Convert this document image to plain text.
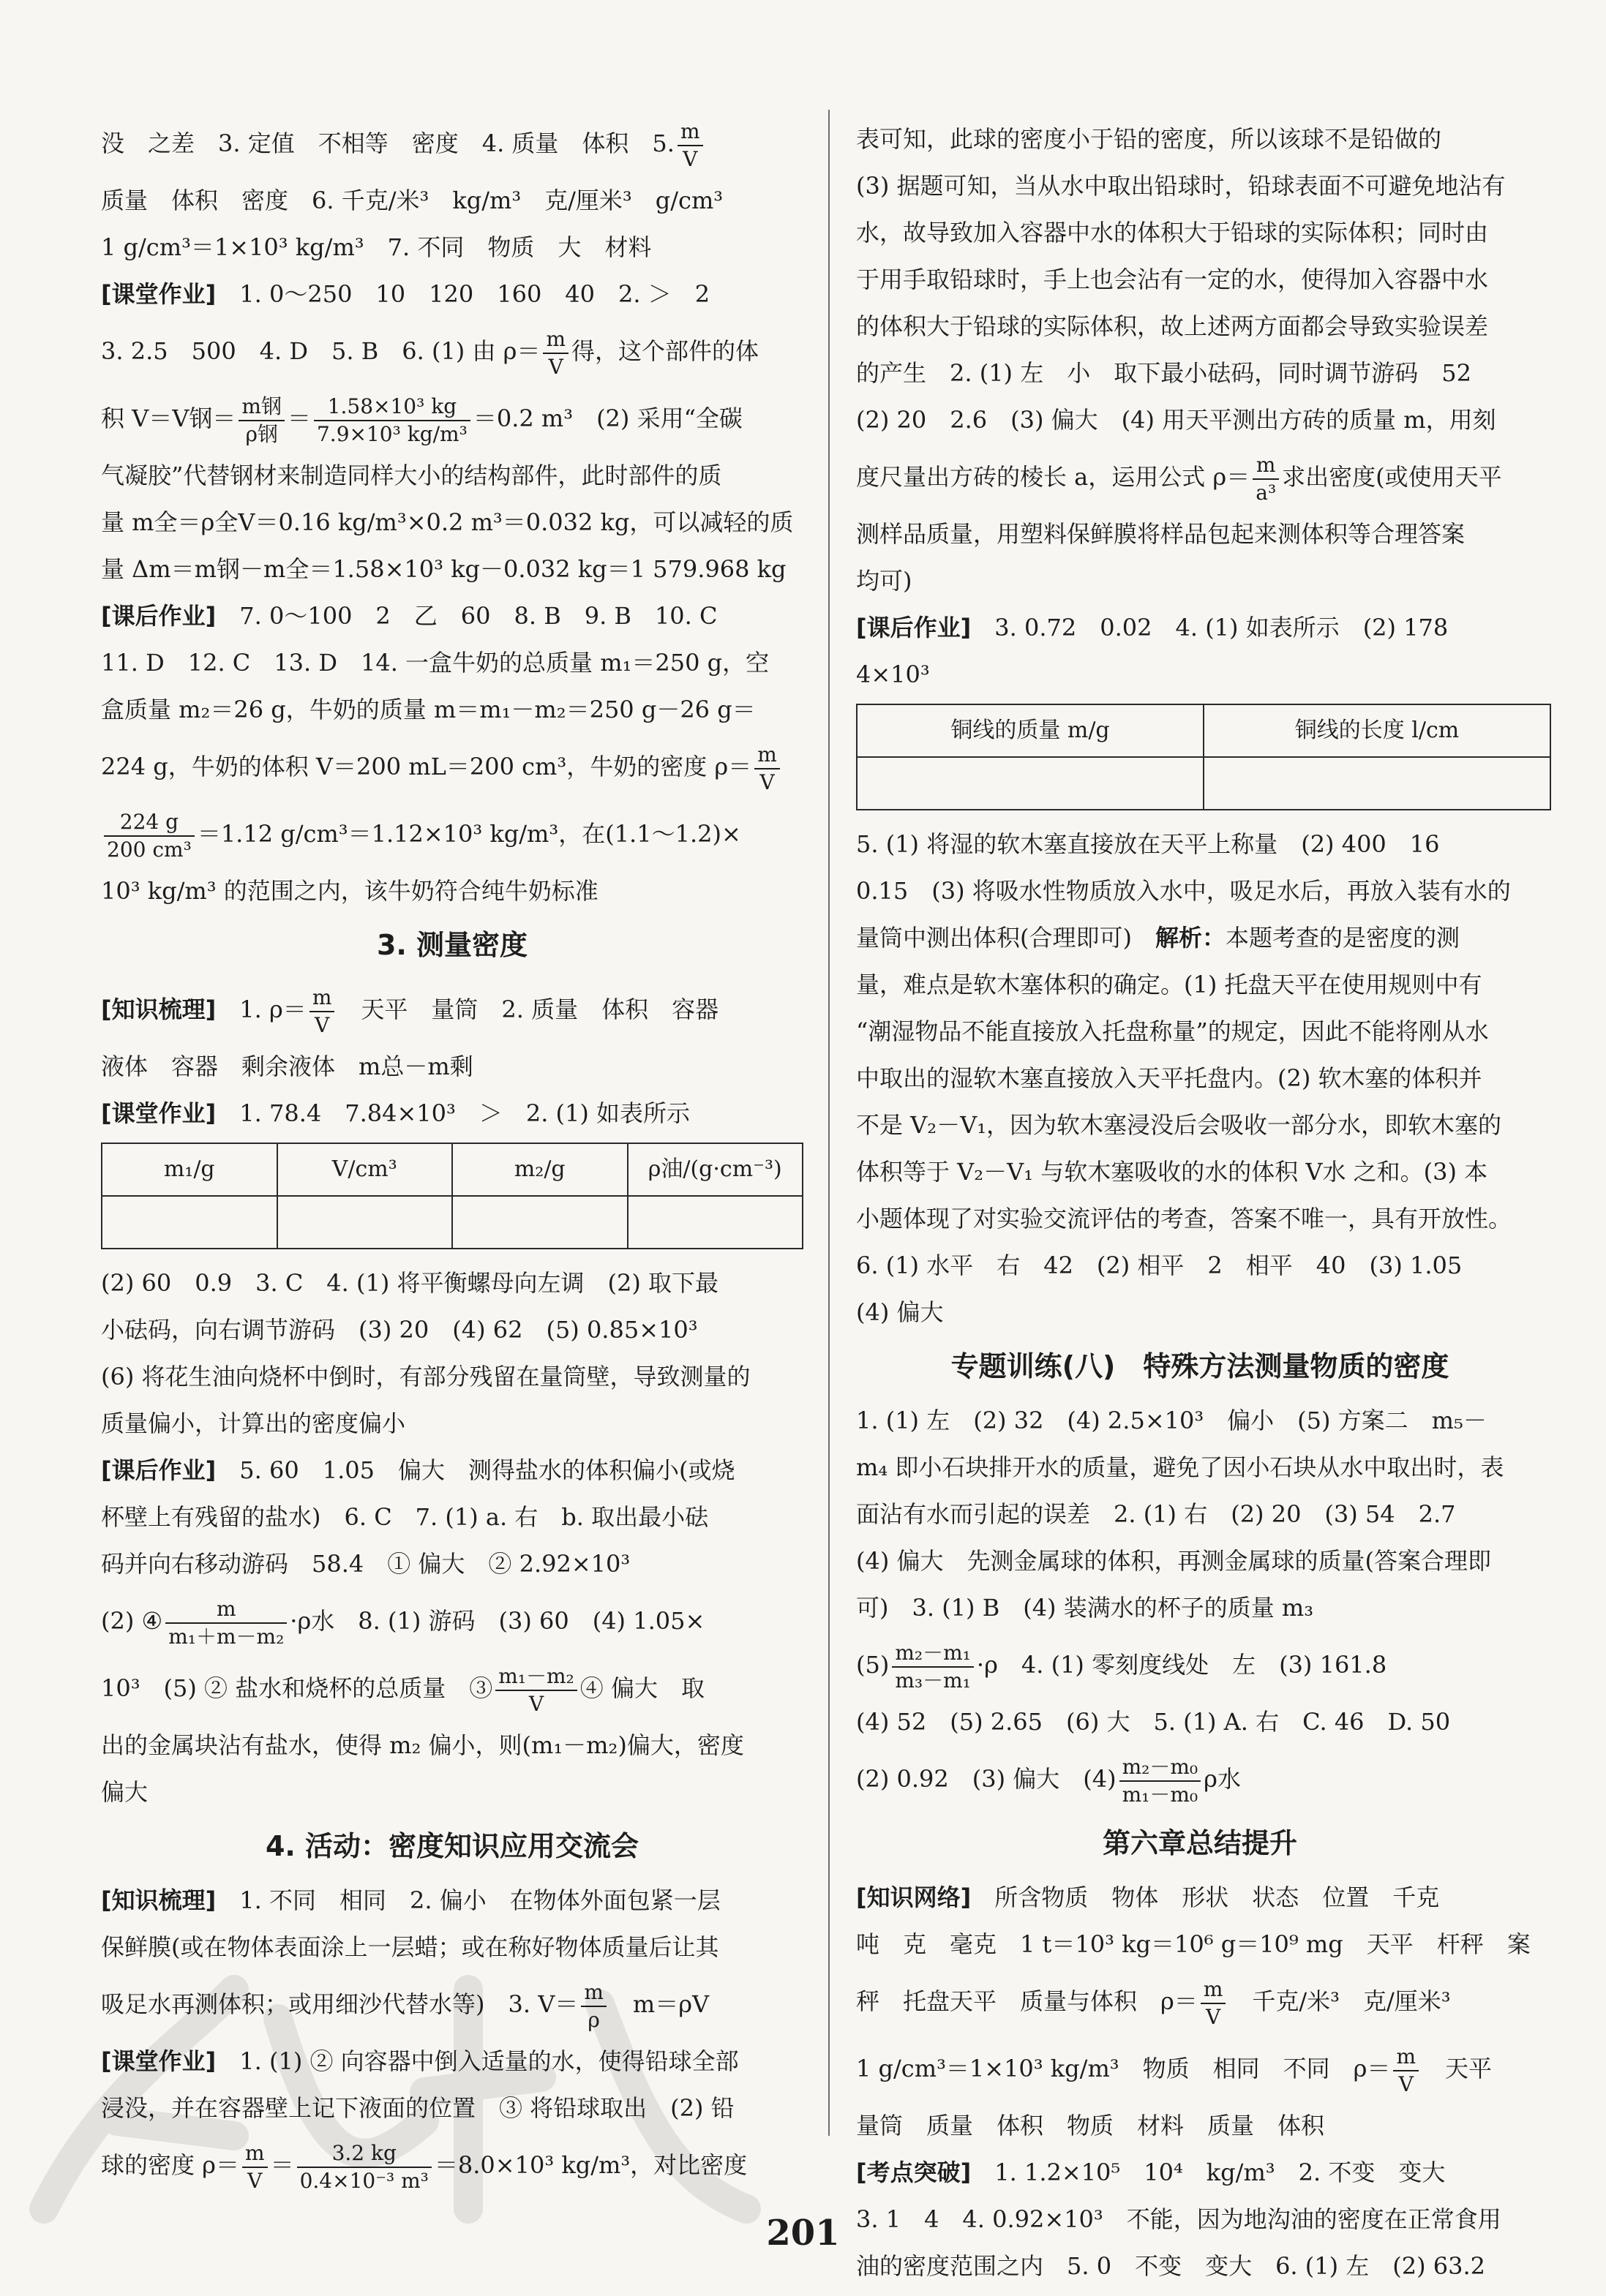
没　之差　3. 定值　不相等　密度　4. 质量　体积　5. $\frac{m}{V}$
质量　体积　密度　6. 千克/米³　kg/m³　克/厘米³　g/cm³
1 g/cm³＝1×10³ kg/m³　7. 不同　物质　大　材料
[课堂作业]　 1. 0～250　10　120　160　40　2. ＞　2
3. 2.5　500　4. D　5. B　6. (1) 由 $\rho= \frac{m}{V}$ 得，这个部件的体
积 V＝V钢＝ $\frac{\text{m钢}}{\text{ρ钢}} = \frac{\text{1.58×10³ kg}}{\text{7.9×10³ kg/m³}} =0.2$ m³　(2) 采用“全碳
气凝胶”代替钢材来制造同样大小的结构部件，此时部件的质
量 m全＝ρ全V＝0.16 kg/m³×0.2 m³＝0.032 kg，可以减轻的质
量 Δm＝m钢－m全＝1.58×10³ kg－0.032 kg＝1 579.968 kg
[课后作业]　 7. 0～100　2　乙　60　8. B　9. B　10. C
11. D　12. C　13. D　14. 一盒牛奶的总质量 m₁＝250 g，空
盒质量 m₂＝26 g，牛奶的质量 m＝m₁－m₂＝250 g－26 g＝
224 g，牛奶的体积 V＝200 mL＝200 cm³，牛奶的密度 $\rho= \frac{m}{V}$
$\frac{224 g}{\text{200 cm³}} =1.12$ g/cm³＝1.12×10³ kg/m³，在(1.1～1.2)×
10³ kg/m³ 的范围之内，该牛奶符合纯牛奶标准
3. 测量密度
[知识梳理]　 1. $\rho= \frac{m}{V}$ 　天平　量筒　2. 质量　体积　容器
液体　容器　剩余液体　m总－m剩
[课堂作业]　 1. 78.4　7.84×10³　＞　2. (1) 如表所示
m₁/g	V/cm³	m₂/g	ρ油/(g·cm⁻³)

(2) 60　0.9　3. C　4. (1) 将平衡螺母向左调　(2) 取下最
小砝码，向右调节游码　(3) 20　(4) 62　(5) 0.85×10³
(6) 将花生油向烧杯中倒时，有部分残留在量筒壁，导致测量的
质量偏小，计算出的密度偏小
[课后作业]　 5. 60　1.05　偏大　测得盐水的体积偏小(或烧
杯壁上有残留的盐水)　6. C　7. (1) a. 右　b. 取出最小砝
码并向右移动游码　58.4　① 偏大　② 2.92×10³
(2) ④ $\frac{m}{\text{m₁＋m－m₂}} \cdot\rho$水　8. (1) 游码　(3) 60　(4) 1.05×
10³　(5) ② 盐水和烧杯的总质量　③ $\frac{\text{m₁－m₂}}{V}$ ④ 偏大　取
出的金属块沾有盐水，使得 m₂ 偏小，则(m₁－m₂)偏大，密度
偏大
4. 活动：密度知识应用交流会
[知识梳理]　 1. 不同　相同　2. 偏小　在物体外面包紧一层
保鲜膜(或在物体表面涂上一层蜡；或在称好物体质量后让其
吸足水再测体积；或用细沙代替水等)　3. $V= \frac{m}{\rho}$ 　m＝ρV
[课堂作业]　 1. (1) ② 向容器中倒入适量的水，使得铅球全部
浸没，并在容器壁上记下液面的位置　③ 将铅球取出　(2) 铅
球的密度 $\rho= \frac{m}{V} = \frac{3.2 kg}{\text{0.4×10⁻³ m³}} =8.0\times 10^3$ kg/m³，对比密度
表可知，此球的密度小于铅的密度，所以该球不是铅做的
(3) 据题可知，当从水中取出铅球时，铅球表面不可避免地沾有
水，故导致加入容器中水的体积大于铅球的实际体积；同时由
于用手取铅球时，手上也会沾有一定的水，使得加入容器中水
的体积大于铅球的实际体积，故上述两方面都会导致实验误差
的产生　2. (1) 左　小　取下最小砝码，同时调节游码　52
(2) 20　2.6　(3) 偏大　(4) 用天平测出方砖的质量 m，用刻
度尺量出方砖的棱长 a，运用公式 $\rho= \frac{m}{\text{a³}}$ 求出密度(或使用天平
测样品质量，用塑料保鲜膜将样品包起来测体积等合理答案
均可)
[课后作业]　 3. 0.72　0.02　4. (1) 如表所示　(2) 178
4×10³
铜线的质量 m/g	铜线的长度 l/cm

5. (1) 将湿的软木塞直接放在天平上称量　(2) 400　16
0.15　(3) 将吸水性物质放入水中，吸足水后，再放入装有水的
量筒中测出体积(合理即可)　解析：本题考查的是密度的测
量，难点是软木塞体积的确定。(1) 托盘天平在使用规则中有
“潮湿物品不能直接放入托盘称量”的规定，因此不能将刚从水
中取出的湿软木塞直接放入天平托盘内。(2) 软木塞的体积并
不是 V₂－V₁，因为软木塞浸没后会吸收一部分水，即软木塞的
体积等于 V₂－V₁ 与软木塞吸收的水的体积 V水 之和。(3) 本
小题体现了对实验交流评估的考查，答案不唯一，具有开放性。
6. (1) 水平　右　42　(2) 相平　2　相平　40　(3) 1.05
(4) 偏大
专题训练(八)　特殊方法测量物质的密度
1. (1) 左　(2) 32　(4) 2.5×10³　偏小　(5) 方案二　m₅－
m₄ 即小石块排开水的质量，避免了因小石块从水中取出时，表
面沾有水而引起的误差　2. (1) 右　(2) 20　(3) 54　2.7
(4) 偏大　先测金属球的体积，再测金属球的质量(答案合理即
可)　3. (1) B　(4) 装满水的杯子的质量 m₃
$(5) \frac{\text{m₂－m₁}}{\text{m₃－m₁}} \cdot\rho$　4. (1) 零刻度线处　左　(3) 161.8
(4) 52　(5) 2.65　(6) 大　5. (1) A. 右　C. 46　D. 50
(2) 0.92　(3) 偏大　$(4) \frac{\text{m₂－m₀}}{\text{m₁－m₀}}$ ρ水
第六章总结提升
[知识网络]　 所含物质　物体　形状　状态　位置　千克
吨　克　毫克　1 t＝10³ kg＝10⁶ g＝10⁹ mg　天平　杆秤　案
秤　托盘天平　质量与体积　$\rho= \frac{m}{V}$ 　千克/米³　克/厘米³
1 g/cm³＝1×10³ kg/m³　物质　相同　不同　$\rho= \frac{m}{V}$ 　天平
量筒　质量　体积　物质　材料　质量　体积
[考点突破]　 1. 1.2×10⁵　10⁴　kg/m³　2. 不变　变大
3. 1　4　4. 0.92×10³　不能，因为地沟油的密度在正常食用
油的密度范围之内　5. 0　不变　变大　6. (1) 左　(2) 63.2
201
